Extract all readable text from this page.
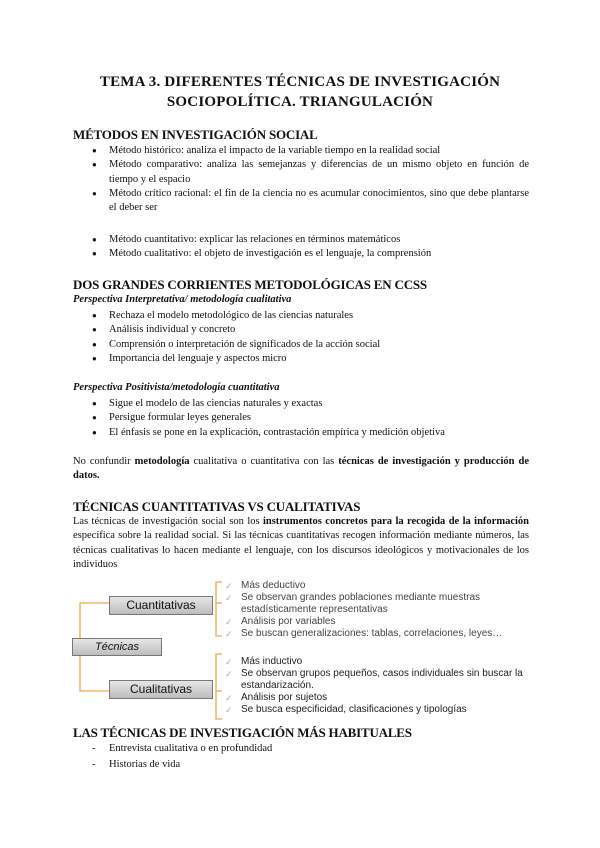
TEMA 3. DIFERENTES TÉCNICAS DE INVESTIGACIÓN
SOCIOPOLÍTICA. TRIANGULACIÓN
MÉTODOS EN INVESTIGACIÓN SOCIAL
● Método histórico: analiza el impacto de la variable tiempo en la realidad social
● Método comparativo: analiza las semejanzas y diferencias de un mismo objeto en función de tiempo y el espacio
● Método crítico racional: el fin de la ciencia no es acumular conocimientos, sino que debe plantarse el deber ser
● Método cuantitativo: explicar las relaciones en términos matemáticos
● Método cualitativo: el objeto de investigación es el lenguaje, la comprensión
DOS GRANDES CORRIENTES METODOLÓGICAS EN CCSS
Perspectiva Interpretativa/ metodología cualitativa
● Rechaza el modelo metodológico de las ciencias naturales
● Análisis individual y concreto
● Comprensión o interpretación de significados de la acción social
● Importancia del lenguaje y aspectos micro
Perspectiva Positivista/metodología cuantitativa
● Sigue el modelo de las ciencias naturales y exactas
● Persigue formular leyes generales
● El énfasis se pone en la explicación, contrastación empírica y medición objetiva
No confundir metodología cualitativa o cuantitativa con las técnicas de investigación y producción de datos.
TÉCNICAS CUANTITATIVAS VS CUALITATIVAS
Las técnicas de investigación social son los instrumentos concretos para la recogida de la información específica sobre la realidad social. Si las técnicas cuantitativas recogen información mediante números, las técnicas cualitativas lo hacen mediante el lenguaje, con los discursos ideológicos y motivacionales de los individuos
Cuantitativas
Técnicas
Cualitativas
✓ Más deductivo
✓ Se observan grandes poblaciones mediante muestras estadísticamente representativas
✓ Análisis por variables
✓ Se buscan generalizaciones: tablas, correlaciones, leyes…
✓ Más inductivo
✓ Se observan grupos pequeños, casos individuales sin buscar la estandarización.
✓ Análisis por sujetos
✓ Se busca especificidad, clasificaciones y tipologías
LAS TÉCNICAS DE INVESTIGACIÓN MÁS HABITUALES
- Entrevista cualitativa o en profundidad
- Historias de vida
